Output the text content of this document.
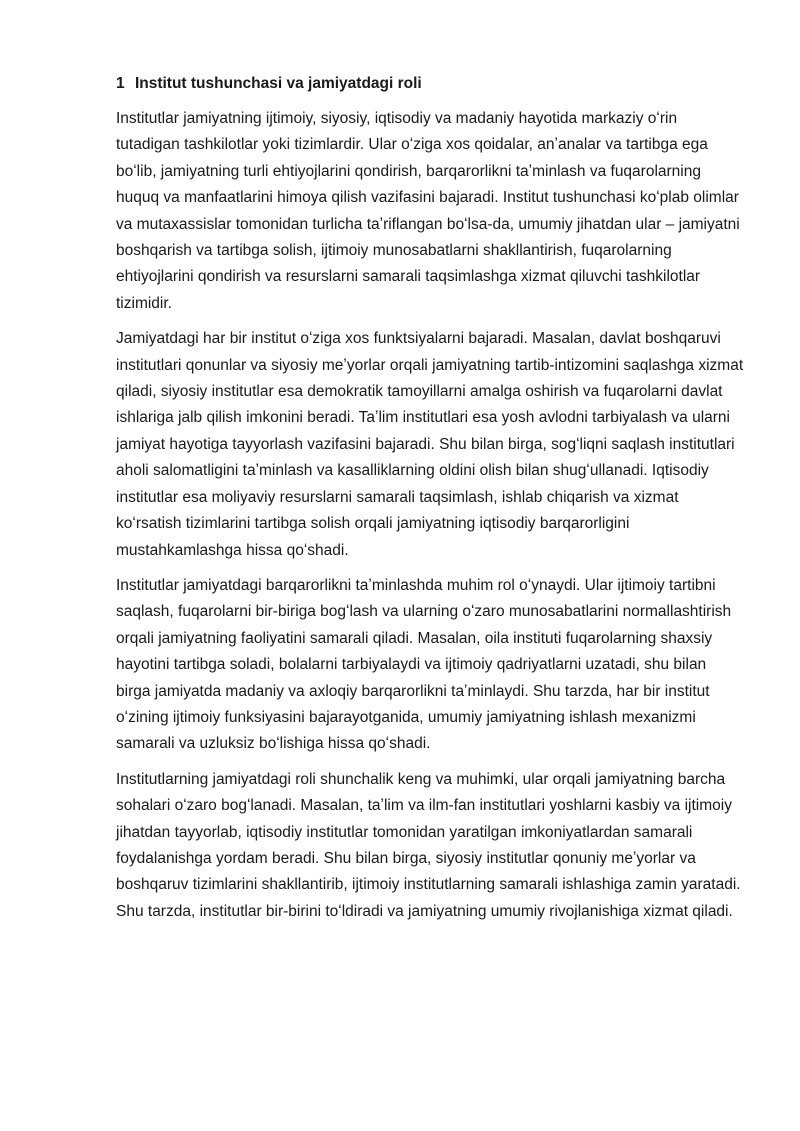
1 Institut tushunchasi va jamiyatdagi roli

Institutlar jamiyatning ijtimoiy, siyosiy, iqtisodiy va madaniy hayotida markaziy oʻrin tutadigan tashkilotlar yoki tizimlardir. Ular oʻziga xos qoidalar, anʼanalar va tartibga ega boʻlib, jamiyatning turli ehtiyojlarini qondirish, barqarorlikni taʼminlash va fuqarolarning huquq va manfaatlarini himoya qilish vazifasini bajaradi. Institut tushunchasi koʻplab olimlar va mutaxassislar tomonidan turlicha taʼriflangan boʻlsa-da, umumiy jihatdan ular – jamiyatni boshqarish va tartibga solish, ijtimoiy munosabatlarni shakllantirish, fuqarolarning ehtiyojlarini qondirish va resurslarni samarali taqsimlashga xizmat qiluvchi tashkilotlar tizimidir.

Jamiyatdagi har bir institut oʻziga xos funktsiyalarni bajaradi. Masalan, davlat boshqaruvi institutlari qonunlar va siyosiy meʼyorlar orqali jamiyatning tartib-intizomini saqlashga xizmat qiladi, siyosiy institutlar esa demokratik tamoyillarni amalga oshirish va fuqarolarni davlat ishlariga jalb qilish imkonini beradi. Taʼlim institutlari esa yosh avlodni tarbiyalash va ularni jamiyat hayotiga tayyorlash vazifasini bajaradi. Shu bilan birga, sogʻliqni saqlash institutlari aholi salomatligini taʼminlash va kasalliklarning oldini olish bilan shugʻullanadi. Iqtisodiy institutlar esa moliyaviy resurslarni samarali taqsimlash, ishlab chiqarish va xizmat koʻrsatish tizimlarini tartibga solish orqali jamiyatning iqtisodiy barqarorligini mustahkamlashga hissa qoʻshadi.

Institutlar jamiyatdagi barqarorlikni taʼminlashda muhim rol oʻynaydi. Ular ijtimoiy tartibni saqlash, fuqarolarni bir-biriga bogʻlash va ularning oʻzaro munosabatlarini normallashtirish orqali jamiyatning faoliyatini samarali qiladi. Masalan, oila instituti fuqarolarning shaxsiy hayotini tartibga soladi, bolalarni tarbiyalaydi va ijtimoiy qadriyatlarni uzatadi, shu bilan birga jamiyatda madaniy va axloqiy barqarorlikni taʼminlaydi. Shu tarzda, har bir institut oʻzining ijtimoiy funksiyasini bajarayotganida, umumiy jamiyatning ishlash mexanizmi samarali va uzluksiz boʻlishiga hissa qoʻshadi.

Institutlarning jamiyatdagi roli shunchalik keng va muhimki, ular orqali jamiyatning barcha sohalari oʻzaro bogʻlanadi. Masalan, taʼlim va ilm-fan institutlari yoshlarni kasbiy va ijtimoiy jihatdan tayyorlab, iqtisodiy institutlar tomonidan yaratilgan imkoniyatlardan samarali foydalanishga yordam beradi. Shu bilan birga, siyosiy institutlar qonuniy meʼyorlar va boshqaruv tizimlarini shakllantirib, ijtimoiy institutlarning samarali ishlashiga zamin yaratadi. Shu tarzda, institutlar bir-birini toʻldiradi va jamiyatning umumiy rivojlanishiga xizmat qiladi.
